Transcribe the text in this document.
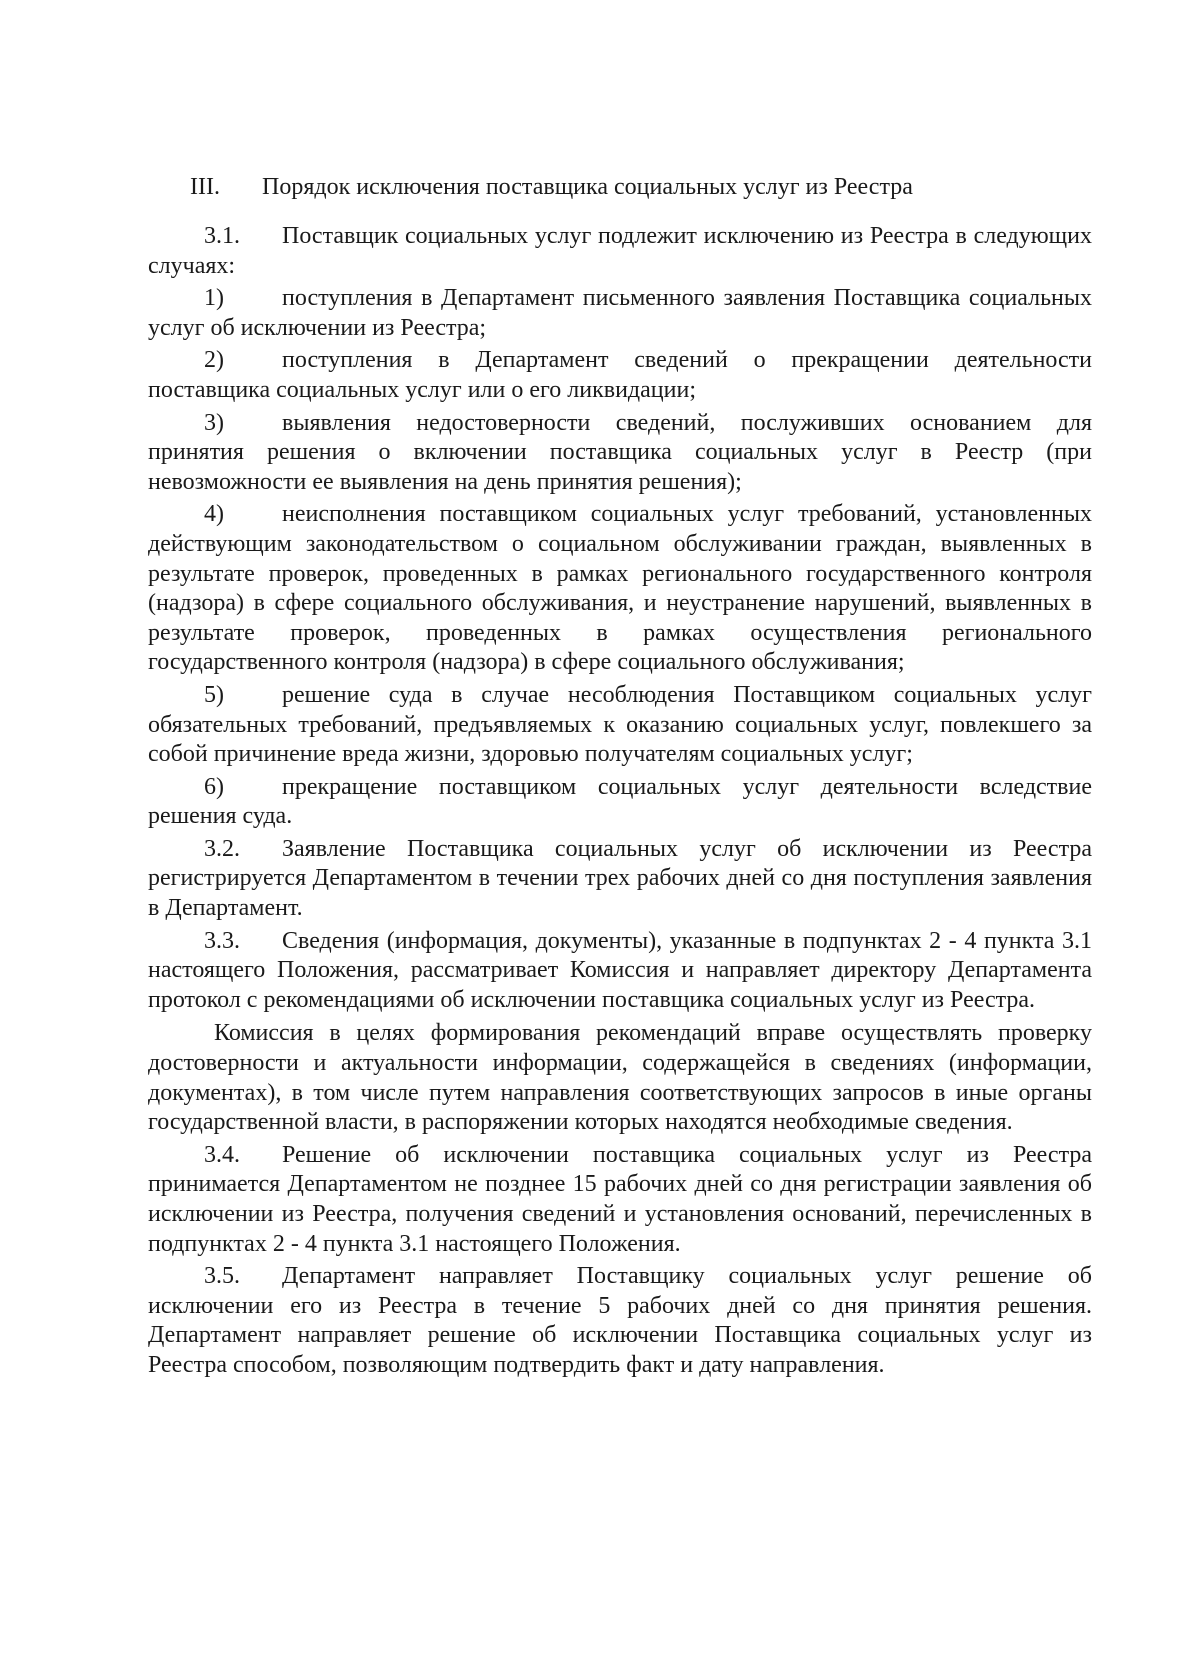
III. Порядок исключения поставщика социальных услуг из Реестра

3.1. Поставщик социальных услуг подлежит исключению из Реестра в следующих случаях:

1) поступления в Департамент письменного заявления Поставщика социальных услуг об исключении из Реестра;

2) поступления в Департамент сведений о прекращении деятельности поставщика социальных услуг или о его ликвидации;

3) выявления недостоверности сведений, послуживших основанием для принятия решения о включении поставщика социальных услуг в Реестр (при невозможности ее выявления на день принятия решения);

4) неисполнения поставщиком социальных услуг требований, установленных действующим законодательством о социальном обслуживании граждан, выявленных в результате проверок, проведенных в рамках регионального государственного контроля (надзора) в сфере социального обслуживания, и неустранение нарушений, выявленных в результате проверок, проведенных в рамках осуществления регионального государственного контроля (надзора) в сфере социального обслуживания;

5) решение суда в случае несоблюдения Поставщиком социальных услуг обязательных требований, предъявляемых к оказанию социальных услуг, повлекшего за собой причинение вреда жизни, здоровью получателям социальных услуг;

6) прекращение поставщиком социальных услуг деятельности вследствие решения суда.

3.2. Заявление Поставщика социальных услуг об исключении из Реестра регистрируется Департаментом в течении трех рабочих дней со дня поступления заявления в Департамент.

3.3. Сведения (информация, документы), указанные в подпунктах 2 - 4 пункта 3.1 настоящего Положения, рассматривает Комиссия и направляет директору Департамента протокол с рекомендациями об исключении поставщика социальных услуг из Реестра.

Комиссия в целях формирования рекомендаций вправе осуществлять проверку достоверности и актуальности информации, содержащейся в сведениях (информации, документах), в том числе путем направления соответствующих запросов в иные органы государственной власти, в распоряжении которых находятся необходимые сведения.

3.4. Решение об исключении поставщика социальных услуг из Реестра принимается Департаментом не позднее 15 рабочих дней со дня регистрации заявления об исключении из Реестра, получения сведений и установления оснований, перечисленных в подпунктах 2 - 4 пункта 3.1 настоящего Положения.

3.5. Департамент направляет Поставщику социальных услуг решение об исключении его из Реестра в течение 5 рабочих дней со дня принятия решения. Департамент направляет решение об исключении Поставщика социальных услуг из Реестра способом, позволяющим подтвердить факт и дату направления.
